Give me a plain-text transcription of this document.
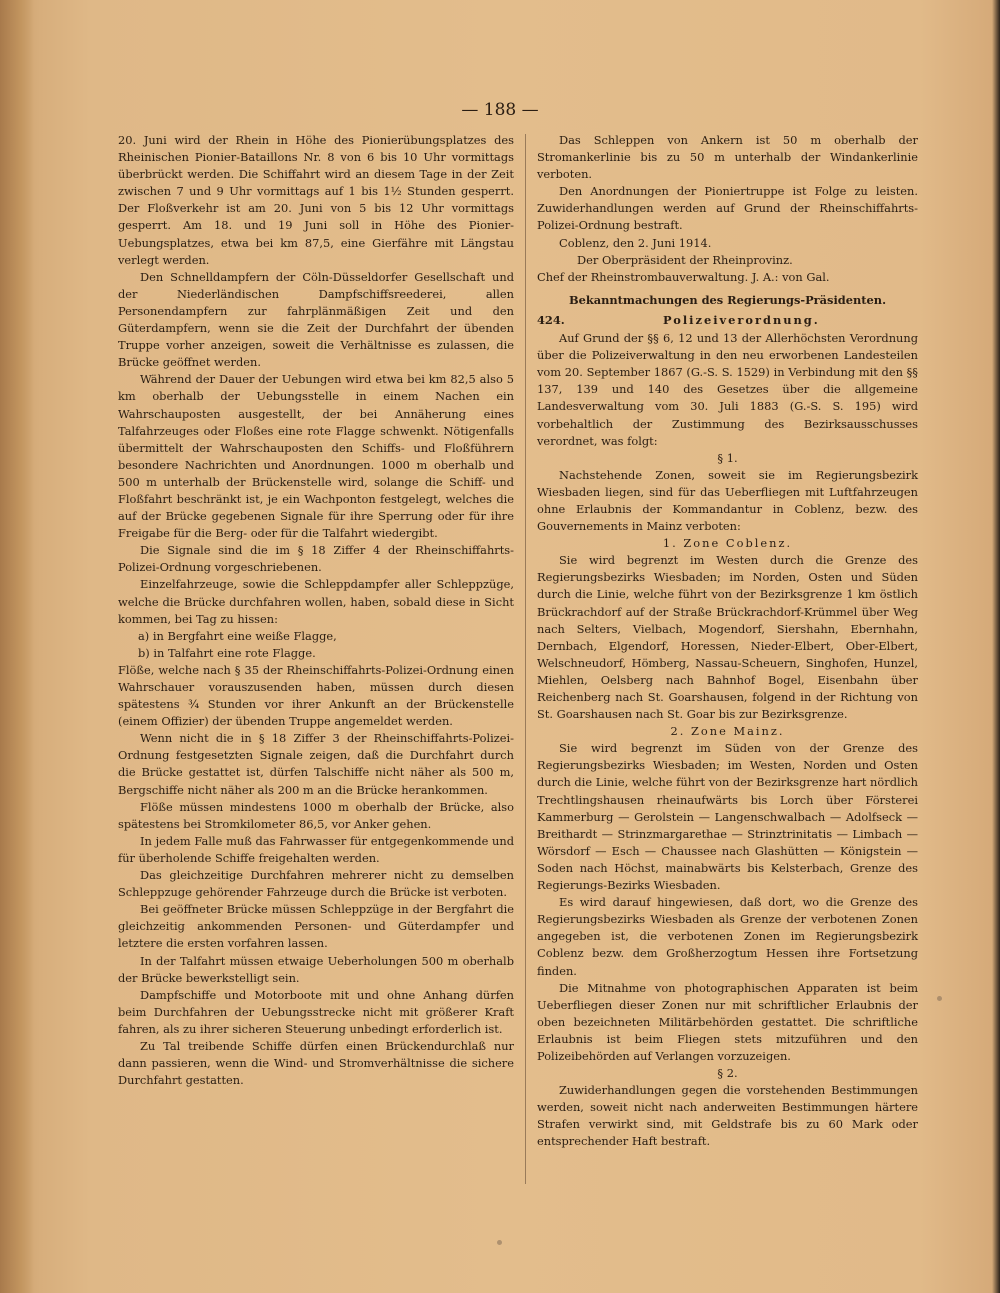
— 188 —

20. Juni wird der Rhein in Höhe des Pionierübungsplatzes des Rheinischen Pionier-Bataillons Nr. 8 von 6 bis 10 Uhr vormittags überbrückt werden. Die Schiffahrt wird an diesem Tage in der Zeit zwischen 7 und 9 Uhr vormittags auf 1 bis 1½ Stunden gesperrt. Der Floßverkehr ist am 20. Juni von 5 bis 12 Uhr vormittags gesperrt. Am 18. und 19 Juni soll in Höhe des Pionier-Uebungsplatzes, etwa bei km 87,5, eine Gierfähre mit Längstau verlegt werden.

Den Schnelldampfern der Cöln-Düsseldorfer Gesellschaft und der Niederländischen Dampfschiffsreederei, allen Personendampfern zur fahrplänmäßigen Zeit und den Güterdampfern, wenn sie die Zeit der Durchfahrt der übenden Truppe vorher anzeigen, soweit die Verhältnisse es zulassen, die Brücke geöffnet werden.

Während der Dauer der Uebungen wird etwa bei km 82,5 also 5 km oberhalb der Uebungsstelle in einem Nachen ein Wahrschauposten ausgestellt, der bei Annäherung eines Talfahrzeuges oder Floßes eine rote Flagge schwenkt. Nötigenfalls übermittelt der Wahrschauposten den Schiffs- und Floßführern besondere Nachrichten und Anordnungen. 1000 m oberhalb und 500 m unterhalb der Brückenstelle wird, solange die Schiff- und Floßfahrt beschränkt ist, je ein Wachponton festgelegt, welches die auf der Brücke gegebenen Signale für ihre Sperrung oder für ihre Freigabe für die Berg- oder für die Talfahrt wiedergibt.

Die Signale sind die im § 18 Ziffer 4 der Rheinschiffahrts-Polizei-Ordnung vorgeschriebenen.

Einzelfahrzeuge, sowie die Schleppdampfer aller Schleppzüge, welche die Brücke durchfahren wollen, haben, sobald diese in Sicht kommen, bei Tag zu hissen:

a) in Bergfahrt eine weiße Flagge,

b) in Talfahrt eine rote Flagge.

Flöße, welche nach § 35 der Rheinschiffahrts-Polizei-Ordnung einen Wahrschauer vorauszusenden haben, müssen durch diesen spätestens ¾ Stunden vor ihrer Ankunft an der Brückenstelle (einem Offizier) der übenden Truppe angemeldet werden.

Wenn nicht die in § 18 Ziffer 3 der Rheinschiffahrts-Polizei-Ordnung festgesetzten Signale zeigen, daß die Durchfahrt durch die Brücke gestattet ist, dürfen Talschiffe nicht näher als 500 m, Bergschiffe nicht näher als 200 m an die Brücke herankommen.

Flöße müssen mindestens 1000 m oberhalb der Brücke, also spätestens bei Stromkilometer 86,5, vor Anker gehen.

In jedem Falle muß das Fahrwasser für entgegenkommende und für überholende Schiffe freigehalten werden.

Das gleichzeitige Durchfahren mehrerer nicht zu demselben Schleppzuge gehörender Fahrzeuge durch die Brücke ist verboten.

Bei geöffneter Brücke müssen Schleppzüge in der Bergfahrt die gleichzeitig ankommenden Personen- und Güterdampfer und letztere die ersten vorfahren lassen.

In der Talfahrt müssen etwaige Ueberholungen 500 m oberhalb der Brücke bewerkstelligt sein.

Dampfschiffe und Motorboote mit und ohne Anhang dürfen beim Durchfahren der Uebungsstrecke nicht mit größerer Kraft fahren, als zu ihrer sicheren Steuerung unbedingt erforderlich ist.

Zu Tal treibende Schiffe dürfen einen Brückendurchlaß nur dann passieren, wenn die Wind- und Stromverhältnisse die sichere Durchfahrt gestatten.

Das Schleppen von Ankern ist 50 m oberhalb der Stromankerlinie bis zu 50 m unterhalb der Windankerlinie verboten.

Den Anordnungen der Pioniertruppe ist Folge zu leisten. Zuwiderhandlungen werden auf Grund der Rheinschiffahrts-Polizei-Ordnung bestraft.

Coblenz, den 2. Juni 1914.

Der Oberpräsident der Rheinprovinz.

Chef der Rheinstrombauverwaltung. J. A.: von Gal.

Bekanntmachungen des Regierungs-Präsidenten.

424.	Polizeiverordnung.

Auf Grund der §§ 6, 12 und 13 der Allerhöchsten Verordnung über die Polizeiverwaltung in den neu erworbenen Landesteilen vom 20. September 1867 (G.-S. S. 1529) in Verbindung mit den §§ 137, 139 und 140 des Gesetzes über die allgemeine Landesverwaltung vom 30. Juli 1883 (G.-S. S. 195) wird vorbehaltlich der Zustimmung des Bezirksausschusses verordnet, was folgt:

§ 1.

Nachstehende Zonen, soweit sie im Regierungsbezirk Wiesbaden liegen, sind für das Ueberfliegen mit Luftfahrzeugen ohne Erlaubnis der Kommandantur in Coblenz, bezw. des Gouvernements in Mainz verboten:

1. Zone Coblenz.

Sie wird begrenzt im Westen durch die Grenze des Regierungsbezirks Wiesbaden; im Norden, Osten und Süden durch die Linie, welche führt von der Bezirksgrenze 1 km östlich Brückrachdorf auf der Straße Brückrachdorf-Krümmel über Weg nach Selters, Vielbach, Mogendorf, Siershahn, Ebernhahn, Dernbach, Elgendorf, Horessen, Nieder-Elbert, Ober-Elbert, Welschneudorf, Hömberg, Nassau-Scheuern, Singhofen, Hunzel, Miehlen, Oelsberg nach Bahnhof Bogel, Eisenbahn über Reichenberg nach St. Goarshausen, folgend in der Richtung von St. Goarshausen nach St. Goar bis zur Bezirksgrenze.

2. Zone Mainz.

Sie wird begrenzt im Süden von der Grenze des Regierungsbezirks Wiesbaden; im Westen, Norden und Osten durch die Linie, welche führt von der Bezirksgrenze hart nördlich Trechtlingshausen rheinaufwärts bis Lorch über Försterei Kammerburg — Gerolstein — Langenschwalbach — Adolfseck — Breithardt — Strinzmargarethae — Strinztrinitatis — Limbach — Wörsdorf — Esch — Chaussee nach Glashütten — Königstein — Soden nach Höchst, mainabwärts bis Kelsterbach, Grenze des Regierungs-Bezirks Wiesbaden.

Es wird darauf hingewiesen, daß dort, wo die Grenze des Regierungsbezirks Wiesbaden als Grenze der verbotenen Zonen angegeben ist, die verbotenen Zonen im Regierungsbezirk Coblenz bezw. dem Großherzogtum Hessen ihre Fortsetzung finden.

Die Mitnahme von photographischen Apparaten ist beim Ueberfliegen dieser Zonen nur mit schriftlicher Erlaubnis der oben bezeichneten Militärbehörden gestattet. Die schriftliche Erlaubnis ist beim Fliegen stets mitzuführen und den Polizeibehörden auf Verlangen vorzuzeigen.

§ 2.

Zuwiderhandlungen gegen die vorstehenden Bestimmungen werden, soweit nicht nach anderweiten Bestimmungen härtere Strafen verwirkt sind, mit Geldstrafe bis zu 60 Mark oder entsprechender Haft bestraft.
